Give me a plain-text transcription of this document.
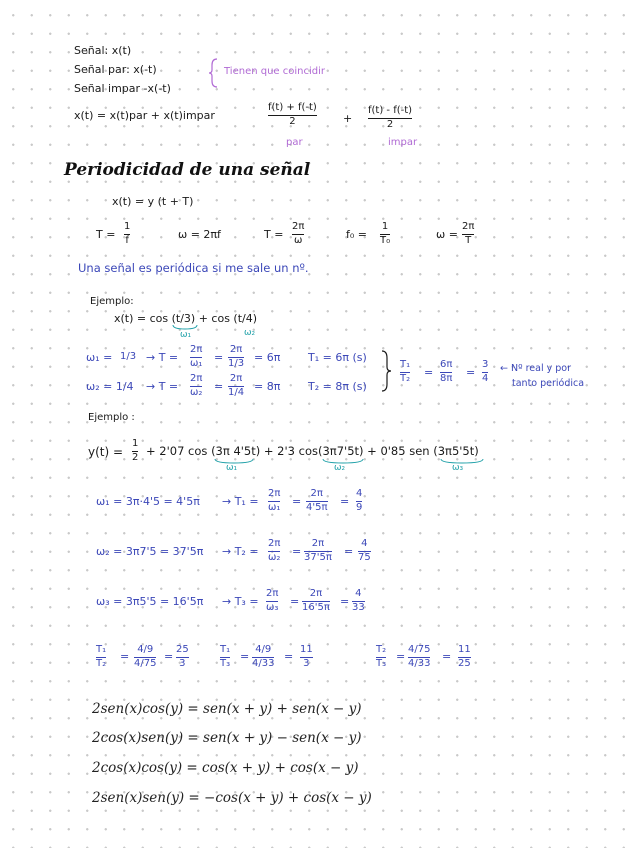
Señal: x(t)
Señal par: x(-t)
Señal impar -x(-t)
Tienen que coincidir
x(t) = x(t)par + x(t)impar
f(t) + f(-t)
2
par
+
f(t) - f(-t)
2
impar
Periodicidad de una señal
x(t) = y (t + T)
T =
1
f	ω = 2πf	T =
2π
ω	f₀ =
1
T₀	ω =
2π
T
Una señal es periódica si me sale un nº.
Ejemplo:
x(t) = cos (t/3) + cos (t/4)
ω₁	ω₂
ω₁ = 1/3 → T =
2π
ω₁ =
2π
1/3 = 6π	T₁ = 6π (s)
ω₂ = 1/4 → T =
2π
ω₂ =
2π
1/4 = 8π	T₂ = 8π (s)
T₁
T₂ =
6π
8π =
3
4
← Nº real y por
tanto periódica
Ejemplo :
y(t) =
1
2 + 2'07 cos (3π 4'5t) + 2'3 cos(3π7'5t) + 0'85 sen (3π5'5t)
ω₁	ω₂	ω₃
ω₁ = 3π·4'5 = 4'5π → T₁ =
2π
ω₁ =
2π
4'5π =
4
9
ω₂ = 3π7'5 = 37'5π → T₂ =
2π
ω₂ =
2π
37'5π =
4
75
ω₃ = 3π5'5 = 16'5π → T₃ =
2π
ω₃ =
2π
16'5π =
4
33
T₁
T₂ =
4/9
4/75 =
25
3
T₁
T₃ =
4/9
4/33 =
11
3
T₂
T₃ =
4/75
4/33 =
11
25
2sen(x)cos(y) = sen(x + y) + sen(x − y)
2cos(x)sen(y) = sen(x + y) − sen(x − y)
2cos(x)cos(y) = cos(x + y) + cos(x − y)
2sen(x)sen(y) = −cos(x + y) + cos(x − y)
